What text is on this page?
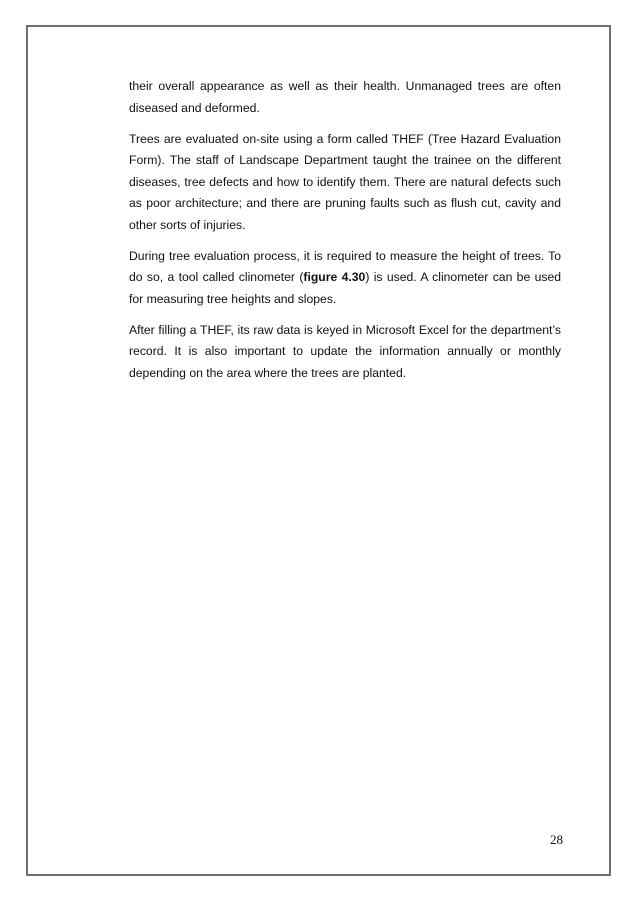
their overall appearance as well as their health. Unmanaged trees are often diseased and deformed.

Trees are evaluated on-site using a form called THEF (Tree Hazard Evaluation Form). The staff of Landscape Department taught the trainee on the different diseases, tree defects and how to identify them. There are natural defects such as poor architecture; and there are pruning faults such as flush cut, cavity and other sorts of injuries.

During tree evaluation process, it is required to measure the height of trees. To do so, a tool called clinometer (figure 4.30) is used. A clinometer can be used for measuring tree heights and slopes.

After filling a THEF, its raw data is keyed in Microsoft Excel for the department’s record. It is also important to update the information annually or monthly depending on the area where the trees are planted.

28
